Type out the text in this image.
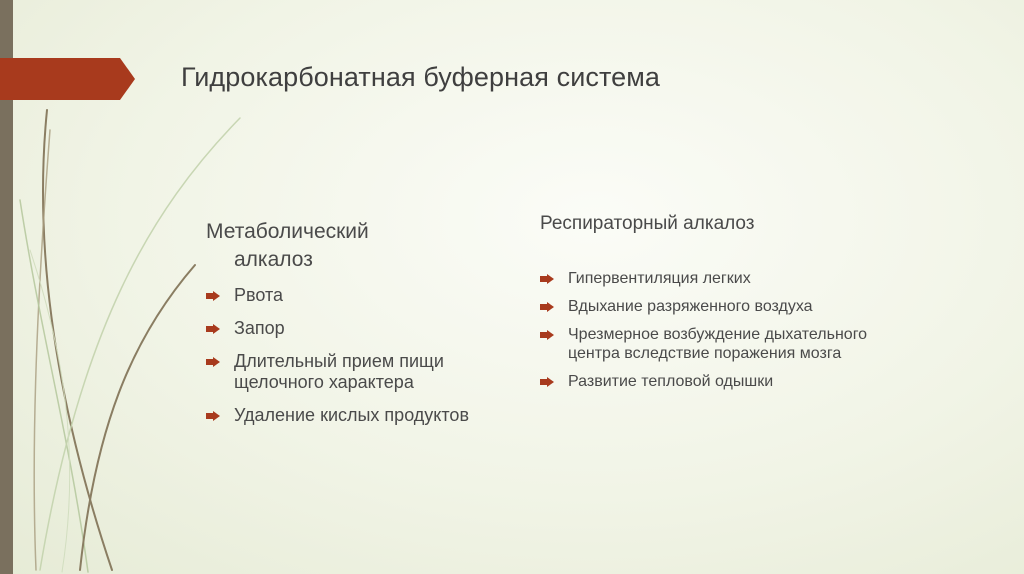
Гидрокарбонатная буферная система
Метаболический
алкалоз
Рвота
Запор
Длительный прием пищи щелочного характера
Удаление кислых продуктов
Респираторный алкалоз
Гипервентиляция легких
Вдыхание разряженного воздуха
Чрезмерное возбуждение дыхательного центра вследствие поражения мозга
Развитие тепловой одышки
